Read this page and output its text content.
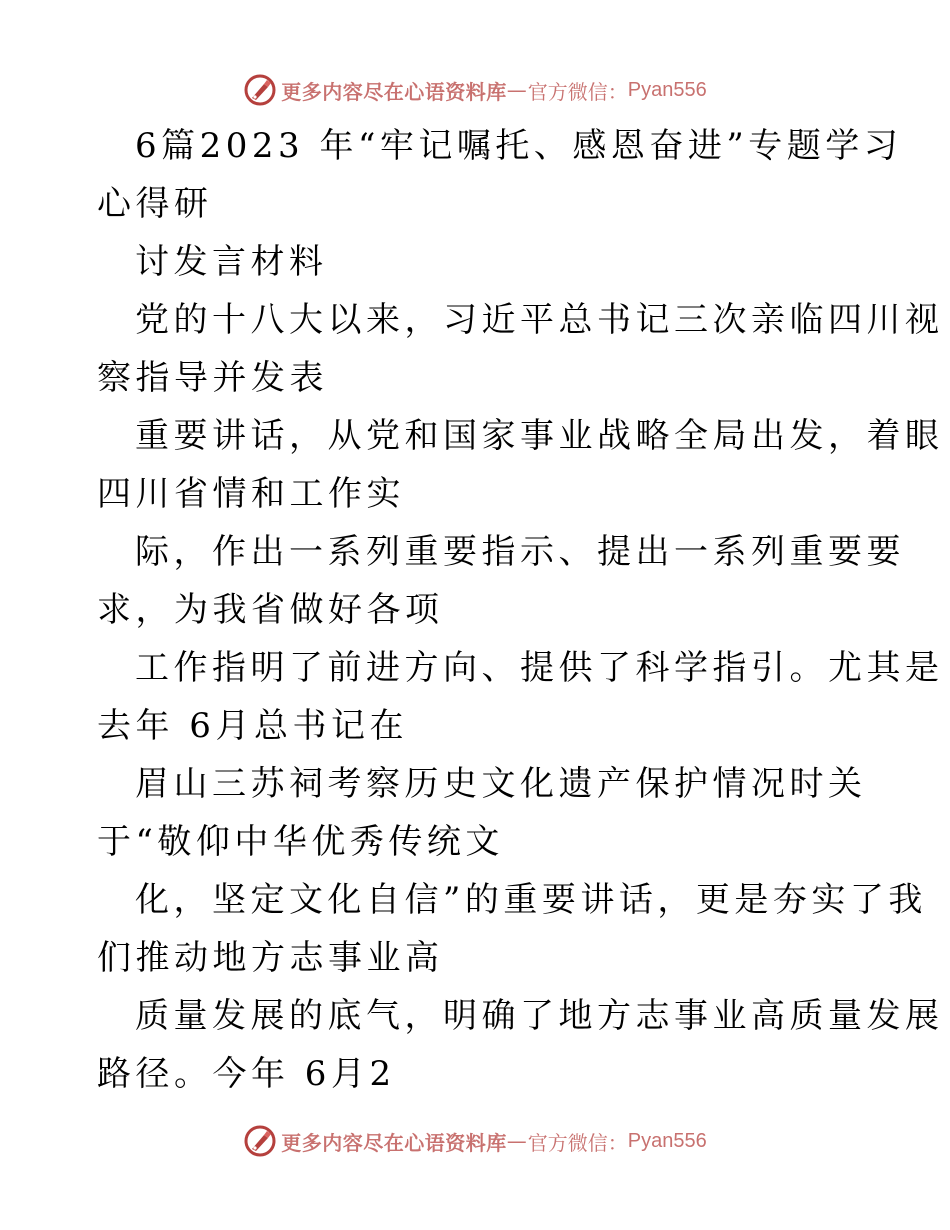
更多内容尽在心语资料库 — 官方微信： Pyan556
6篇2023 年“牢记嘱托、感恩奋进”专题学习
心得研
讨发言材料
党的十八大以来，习近平总书记三次亲临四川视
察指导并发表
重要讲话，从党和国家事业战略全局出发，着眼
四川省情和工作实
际，作出一系列重要指示、提出一系列重要要
求，为我省做好各项
工作指明了前进方向、提供了科学指引。尤其是
去年 6月总书记在
眉山三苏祠考察历史文化遗产保护情况时关
于“敬仰中华优秀传统文
化，坚定文化自信”的重要讲话，更是夯实了我
们推动地方志事业高
质量发展的底气，明确了地方志事业高质量发展
路径。今年 6月2
更多内容尽在心语资料库 — 官方微信： Pyan556
